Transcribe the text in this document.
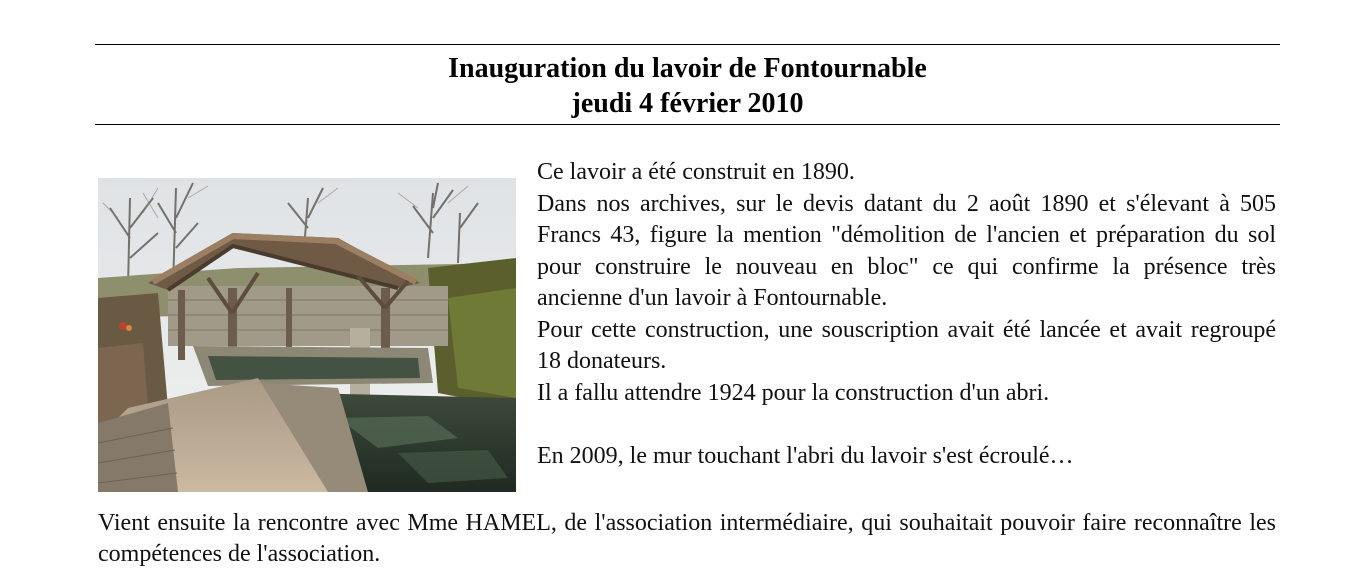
Inauguration du lavoir de Fontournable
jeudi 4 février 2010

Ce lavoir a été construit en 1890.

Dans nos archives, sur le devis datant du 2 août 1890 et s'élevant à 505 Francs 43, figure la mention "démolition de l'ancien et préparation du sol pour construire le nouveau en bloc" ce qui confirme la présence très ancienne d'un lavoir à Fontournable.

Pour cette construction, une souscription avait été lancée et avait regroupé 18 donateurs.

Il a fallu attendre 1924 pour la construction d'un abri.

En 2009, le mur touchant l'abri du lavoir s'est écroulé…

Vient ensuite la rencontre avec Mme HAMEL, de l'association intermédiaire, qui souhaitait pouvoir faire reconnaître les compétences de l'association.
